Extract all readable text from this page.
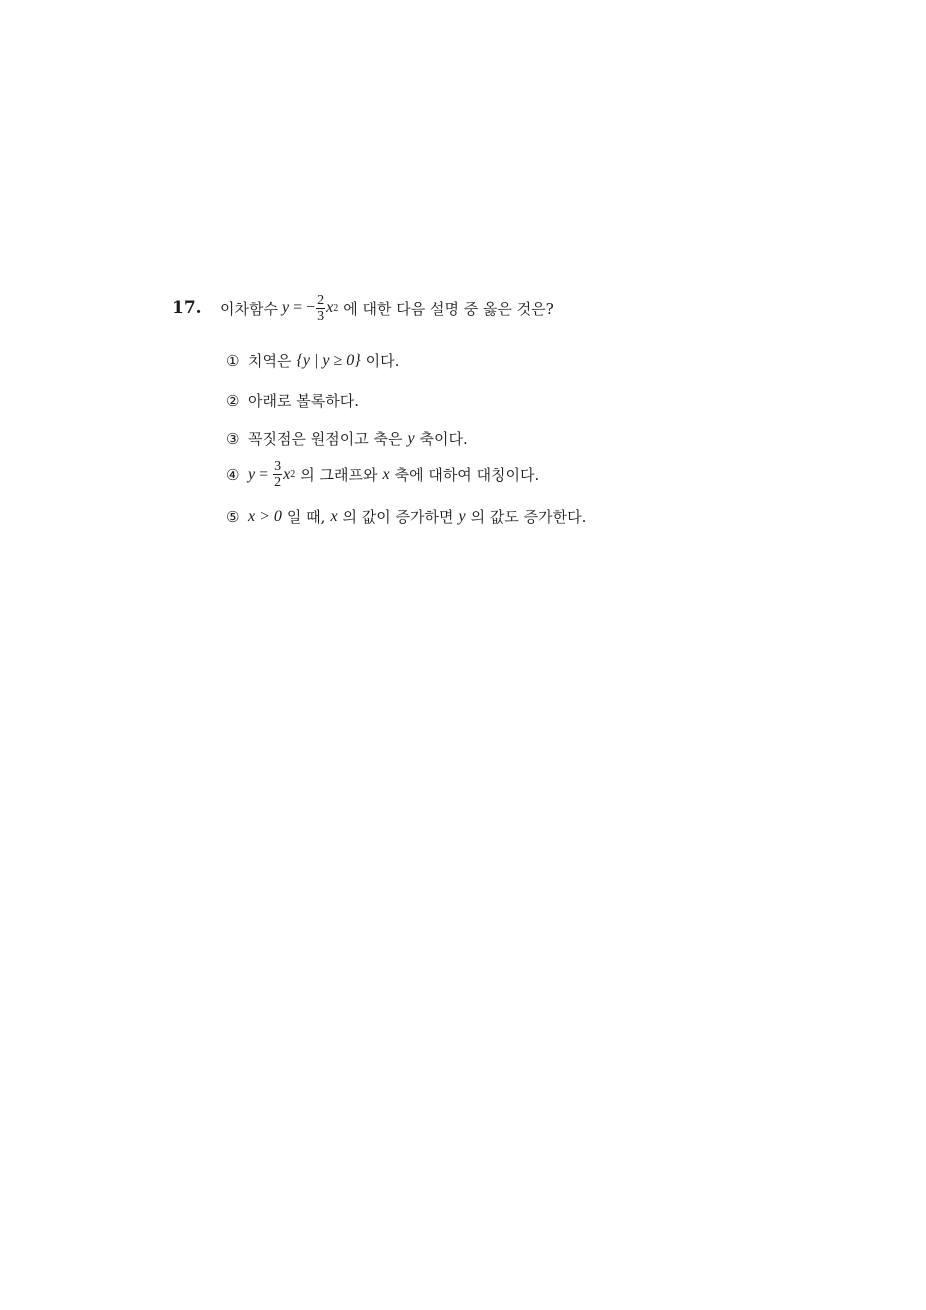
17.	이차함수 y = − $\frac{2}{3}$ x 2 에 대한 다음 설명 중 옳은 것은?
① 치역은 {y | y ≥ 0} 이다.
② 아래로 볼록하다.
③ 꼭짓점은 원점이고 축은 y 축이다.
④ $y = \frac{3}{2}$ x 2 의 그래프와 x 축에 대하여 대칭이다.
⑤ x > 0 일 때, x 의 값이 증가하면 y 의 값도 증가한다.
